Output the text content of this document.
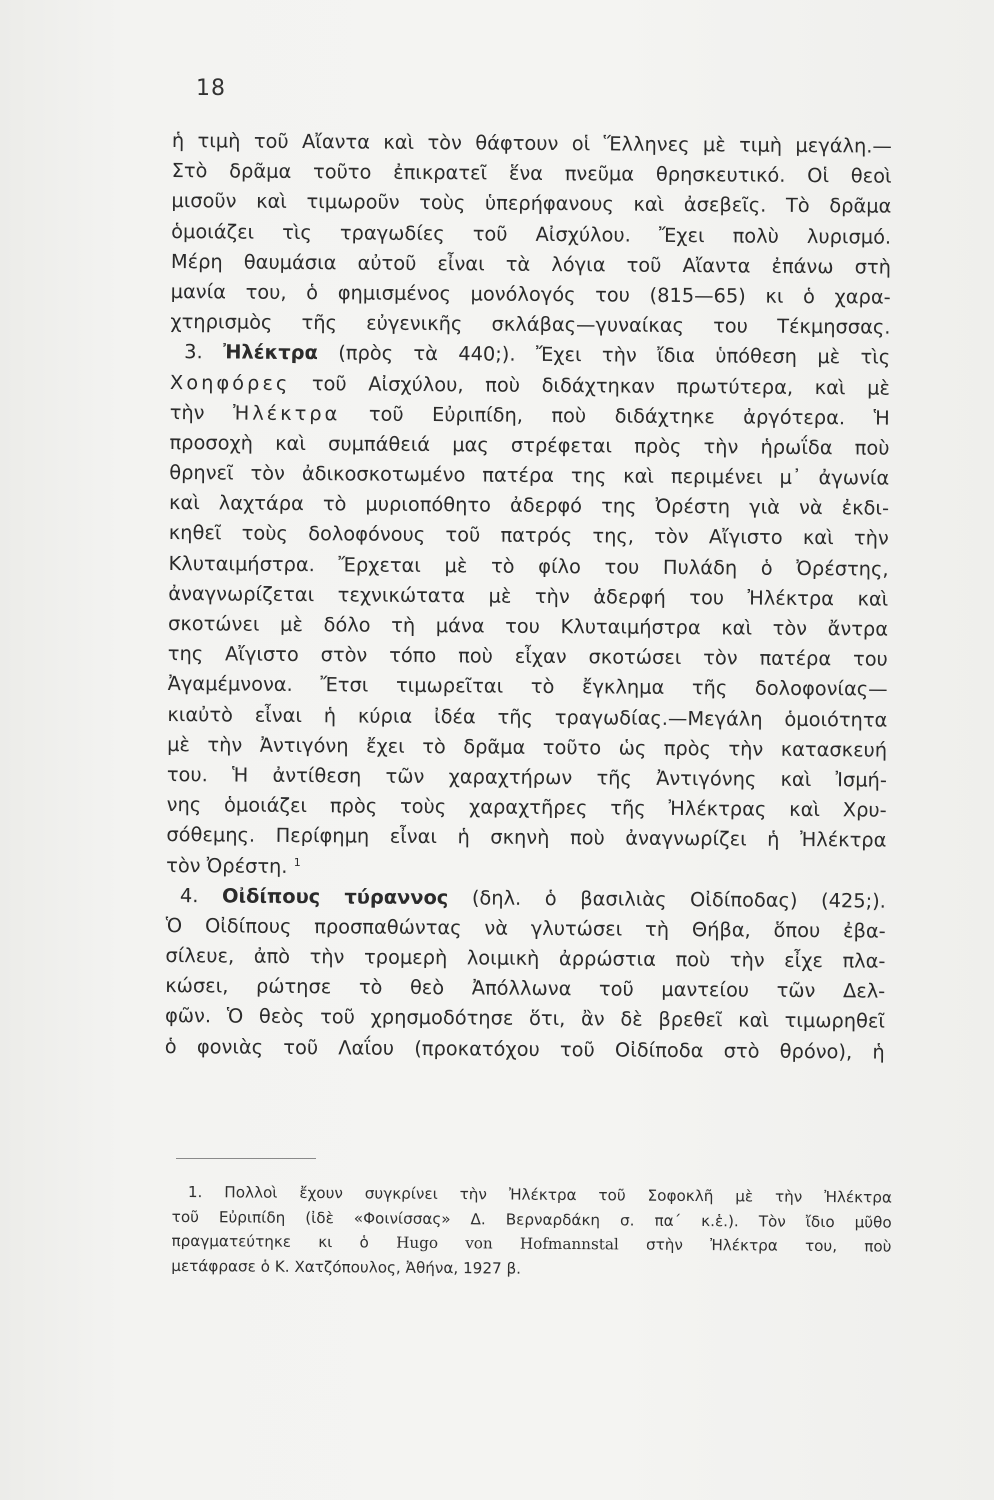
18
ἡ τιμὴ τοῦ Αἴαντα καὶ τὸν θάφτουν οἱ Ἕλληνες μὲ τιμὴ μεγάλη.—
Στὸ δρᾶμα τοῦτο ἐπικρατεῖ ἕνα πνεῦμα θρησκευτικό. Οἱ θεοὶ
μισοῦν καὶ τιμωροῦν τοὺς ὑπερήφανους καὶ ἀσεβεῖς. Τὸ δρᾶμα
ὁμοιάζει τὶς τραγωδίες τοῦ Αἰσχύλου. Ἔχει πολὺ λυρισμό.
Μέρη θαυμάσια αὐτοῦ εἶναι τὰ λόγια τοῦ Αἴαντα ἐπάνω στὴ
μανία του, ὁ φημισμένος μονόλογός του (815—65) κι ὁ χαρα-
χτηρισμὸς τῆς εὐγενικῆς σκλάβας—γυναίκας του Τέκμησσας.
3. Ἠλέκτρα (πρὸς τὰ 440;). Ἔχει τὴν ἴδια ὑπόθεση μὲ τὶς
Χοηφόρες τοῦ Αἰσχύλου, ποὺ διδάχτηκαν πρωτύτερα, καὶ μὲ
τὴν Ἠλέκτρα τοῦ Εὐριπίδη, ποὺ διδάχτηκε ἀργότερα. Ἡ
προσοχὴ καὶ συμπάθειά μας στρέφεται πρὸς τὴν ἡρωΐδα ποὺ
θρηνεῖ τὸν ἀδικοσκοτωμένο πατέρα της καὶ περιμένει μ᾽ ἀγωνία
καὶ λαχτάρα τὸ μυριοπόθητο ἀδερφό της Ὀρέστη γιὰ νὰ ἐκδι-
κηθεῖ τοὺς δολοφόνους τοῦ πατρός της, τὸν Αἴγιστο καὶ τὴν
Κλυταιμήστρα. Ἔρχεται μὲ τὸ φίλο του Πυλάδη ὁ Ὀρέστης,
ἀναγνωρίζεται τεχνικώτατα μὲ τὴν ἀδερφή του Ἠλέκτρα καὶ
σκοτώνει μὲ δόλο τὴ μάνα του Κλυταιμήστρα καὶ τὸν ἄντρα
της Αἴγιστο στὸν τόπο ποὺ εἶχαν σκοτώσει τὸν πατέρα του
Ἀγαμέμνονα. Ἔτσι τιμωρεῖται τὸ ἔγκλημα τῆς δολοφονίας—
κιαὐτὸ εἶναι ἡ κύρια ἰδέα τῆς τραγωδίας.—Μεγάλη ὁμοιότητα
μὲ τὴν Ἀντιγόνη ἔχει τὸ δρᾶμα τοῦτο ὡς πρὸς τὴν κατασκευή
του. Ἡ ἀντίθεση τῶν χαραχτήρων τῆς Ἀντιγόνης καὶ Ἰσμή-
νης ὁμοιάζει πρὸς τοὺς χαραχτῆρες τῆς Ἠλέκτρας καὶ Χρυ-
σόθεμης. Περίφημη εἶναι ἡ σκηνὴ ποὺ ἀναγνωρίζει ἡ Ἠλέκτρα
τὸν Ὀρέστη. $^1$
4. Οἰδίπους τύραννος (δηλ. ὁ βασιλιὰς Οἰδίποδας) (425;).
Ὁ Οἰδίπους προσπαθώντας νὰ γλυτώσει τὴ Θήβα, ὅπου ἐβα-
σίλευε, ἀπὸ τὴν τρομερὴ λοιμικὴ ἀρρώστια ποὺ τὴν εἶχε πλα-
κώσει, ρώτησε τὸ θεὸ Ἀπόλλωνα τοῦ μαντείου τῶν Δελ-
φῶν. Ὁ θεὸς τοῦ χρησμοδότησε ὅτι, ἂν δὲ βρεθεῖ καὶ τιμωρηθεῖ
ὁ φονιὰς τοῦ Λαΐου (προκατόχου τοῦ Οἰδίποδα στὸ θρόνο), ἡ
1. Πολλοὶ ἔχουν συγκρίνει τὴν Ἠλέκτρα τοῦ Σοφοκλῆ μὲ τὴν Ἠλέκτρα
τοῦ Εὐριπίδη (ἰδὲ «Φοινίσσας» Δ. Βερναρδάκη σ. πα´ κ.ἑ.). Τὸν ἴδιο μῦθο
πραγματεύτηκε κι ὁ Hugo von Hofmannstal στὴν Ἠλέκτρα του, ποὺ
μετάφρασε ὁ Κ. Χατζόπουλος, Ἀθήνα, 1927 β.
